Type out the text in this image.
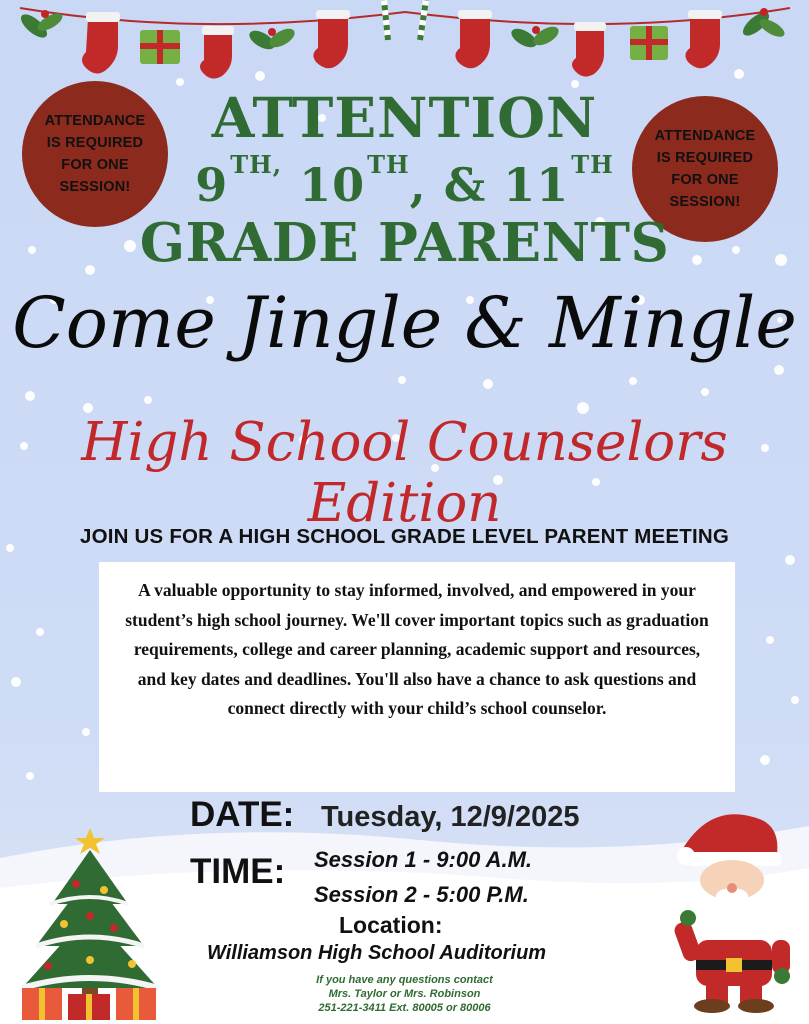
ATTENDANCE
IS REQUIRED
FOR ONE
SESSION!
ATTENDANCE
IS REQUIRED
FOR ONE
SESSION!
ATTENTION
$9^{TH,}$ 10TH, & 11TH
GRADE PARENTS
Come Jingle & Mingle
High School Counselors Edition
JOIN US FOR A HIGH SCHOOL GRADE LEVEL PARENT MEETING
A valuable opportunity to stay informed, involved, and empowered in your student’s high school journey. We'll cover important topics such as graduation requirements, college and career planning, academic support and resources, and key dates and deadlines. You'll also have a chance to ask questions and connect directly with your child’s school counselor.
DATE: Tuesday, 12/9/2025
TIME: Session 1 - 9:00 A.M.
Session 2 - 5:00 P.M.
Location:
Williamson High School Auditorium
If you have any questions contact
Mrs. Taylor or Mrs. Robinson
251-221-3411 Ext. 80005 or 80006
